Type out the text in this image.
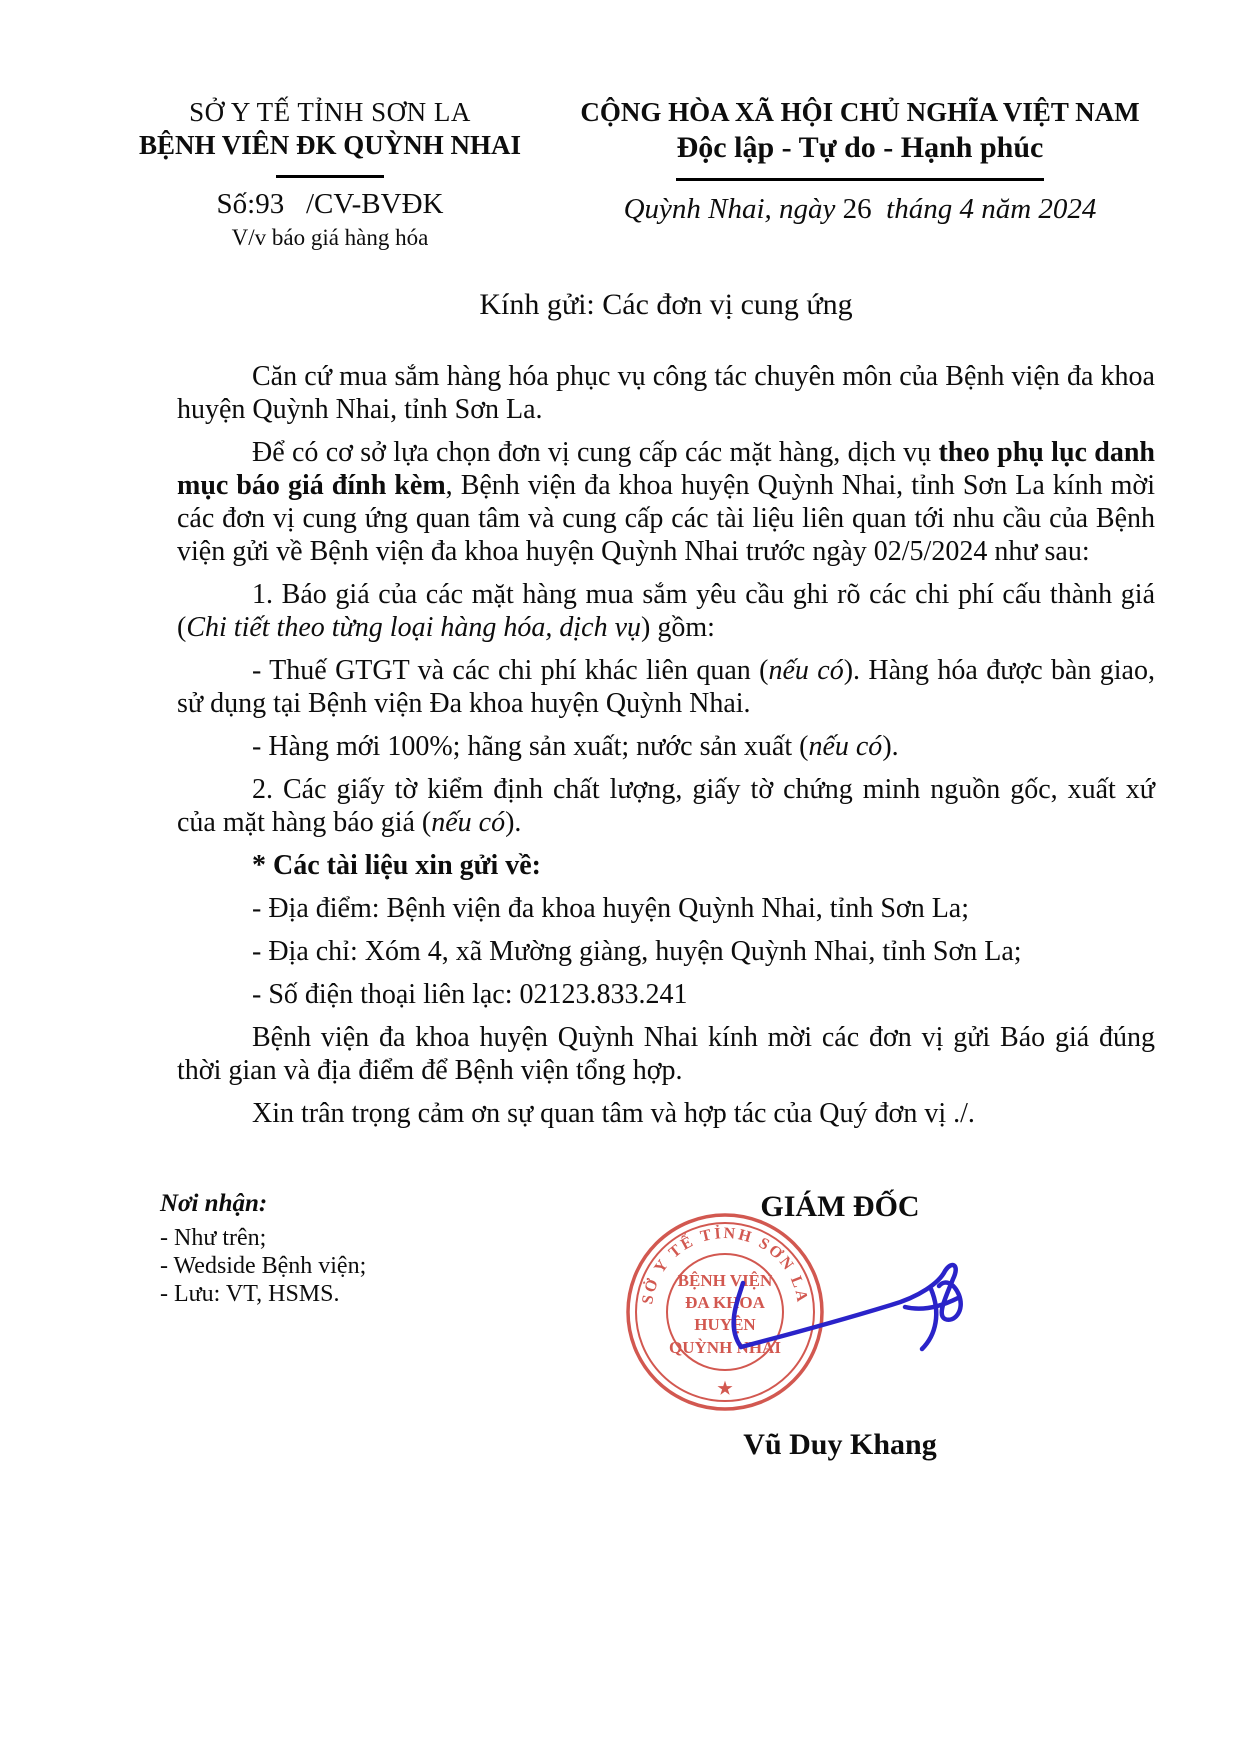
SỞ Y TẾ TỈNH SƠN LA
BỆNH VIÊN ĐK QUỲNH NHAI
Số:93   /CV-BVĐK
V/v báo giá hàng hóa
CỘNG HÒA XÃ HỘI CHỦ NGHĨA VIỆT NAM
Độc lập - Tự do - Hạnh phúc
Quỳnh Nhai, ngày 26  tháng 4 năm 2024
Kính gửi: Các đơn vị cung ứng

Căn cứ mua sắm hàng hóa phục vụ công tác chuyên môn của Bệnh viện đa khoa huyện Quỳnh Nhai, tỉnh Sơn La.

Để có cơ sở lựa chọn đơn vị cung cấp các mặt hàng, dịch vụ theo phụ lục danh mục báo giá đính kèm, Bệnh viện đa khoa huyện Quỳnh Nhai, tỉnh Sơn La kính mời các đơn vị cung ứng quan tâm và cung cấp các tài liệu liên quan tới nhu cầu của Bệnh viện gửi về Bệnh viện đa khoa huyện Quỳnh Nhai trước ngày 02/5/2024 như sau:

1. Báo giá của các mặt hàng mua sắm yêu cầu ghi rõ các chi phí cấu thành giá (Chi tiết theo từng loại hàng hóa, dịch vụ) gồm:

- Thuế GTGT và các chi phí khác liên quan (nếu có). Hàng hóa được bàn giao, sử dụng tại Bệnh viện Đa khoa huyện Quỳnh Nhai.

- Hàng mới 100%; hãng sản xuất; nước sản xuất (nếu có).

2. Các giấy tờ kiểm định chất lượng, giấy tờ chứng minh nguồn gốc, xuất xứ của mặt hàng báo giá (nếu có).

* Các tài liệu xin gửi về:

- Địa điểm: Bệnh viện đa khoa huyện Quỳnh Nhai, tỉnh Sơn La;

- Địa chỉ: Xóm 4, xã Mường giàng, huyện Quỳnh Nhai, tỉnh Sơn La;

- Số điện thoại liên lạc: 02123.833.241

Bệnh viện đa khoa huyện Quỳnh Nhai kính mời các đơn vị gửi Báo giá đúng thời gian và địa điểm để Bệnh viện tổng hợp.

Xin trân trọng cảm ơn sự quan tâm và hợp tác của Quý đơn vị ./.

Nơi nhận:
- Như trên;
- Wedside Bệnh viện;
- Lưu: VT, HSMS.
GIÁM ĐỐC
SỞ Y TẾ TỈNH SƠN LA
BỆNH VIỆN
ĐA KHOA
HUYỆN
QUỲNH NHAI
★
Vũ Duy Khang
